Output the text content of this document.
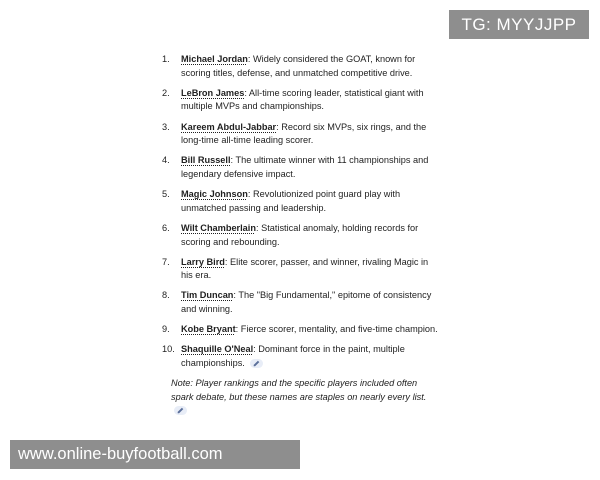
TG: MYYJJPP
1.	Michael Jordan: Widely considered the GOAT, known for scoring titles, defense, and unmatched competitive drive.
2.	LeBron James: All-time scoring leader, statistical giant with multiple MVPs and championships.
3.	Kareem Abdul-Jabbar: Record six MVPs, six rings, and the long-time all-time leading scorer.
4.	Bill Russell: The ultimate winner with 11 championships and legendary defensive impact.
5.	Magic Johnson: Revolutionized point guard play with unmatched passing and leadership.
6.	Wilt Chamberlain: Statistical anomaly, holding records for scoring and rebounding.
7.	Larry Bird: Elite scorer, passer, and winner, rivaling Magic in his era.
8.	Tim Duncan: The "Big Fundamental," epitome of consistency and winning.
9.	Kobe Bryant: Fierce scorer, mentality, and five-time champion.
10. Shaquille O'Neal: Dominant force in the paint, multiple championships.
Note: Player rankings and the specific players included often spark debate, but these names are staples on nearly every list.
www.online-buyfootball.com
